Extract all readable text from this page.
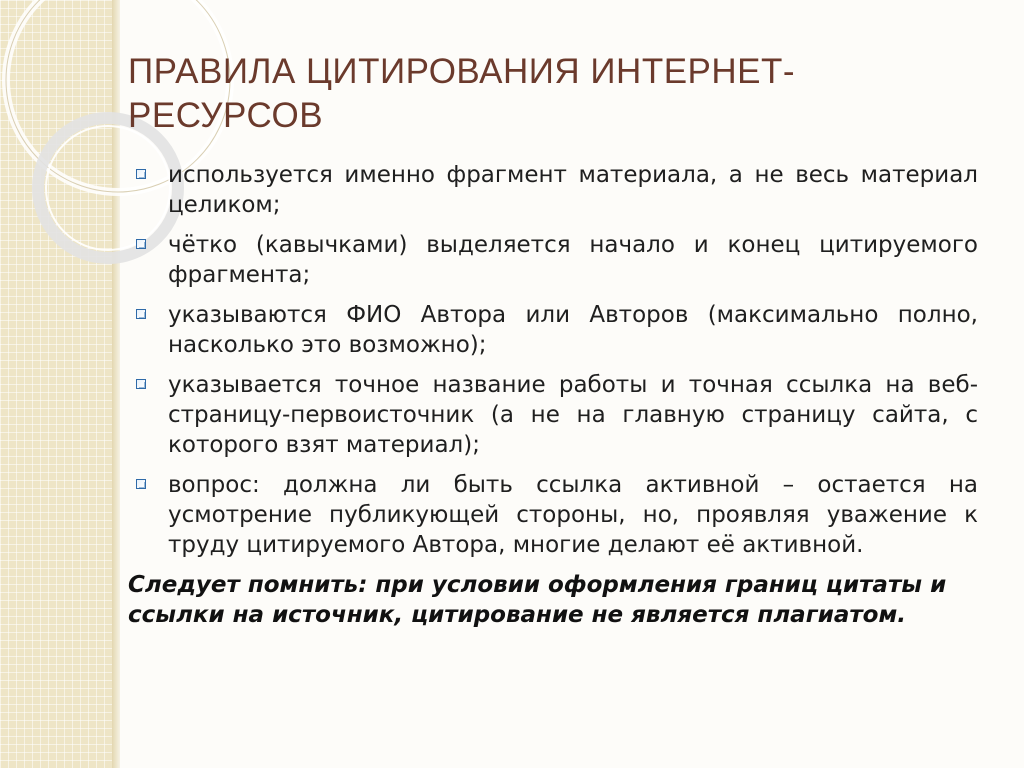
ПРАВИЛА ЦИТИРОВАНИЯ ИНТЕРНЕТ-РЕСУРСОВ
используется именно фрагмент материала, а не весь материал целиком;
чётко (кавычками) выделяется начало и конец цитируемого фрагмента;
указываются ФИО Автора или Авторов (максимально полно, насколько это возможно);
указывается точное название работы и точная ссылка на веб-страницу-первоисточник (а не на главную страницу сайта, с которого взят материал);
вопрос: должна ли быть ссылка активной – остается на усмотрение публикующей стороны, но, проявляя уважение к труду цитируемого Автора, многие делают её активной.

Следует помнить: при условии оформления границ цитаты и ссылки на источник, цитирование не является плагиатом.
